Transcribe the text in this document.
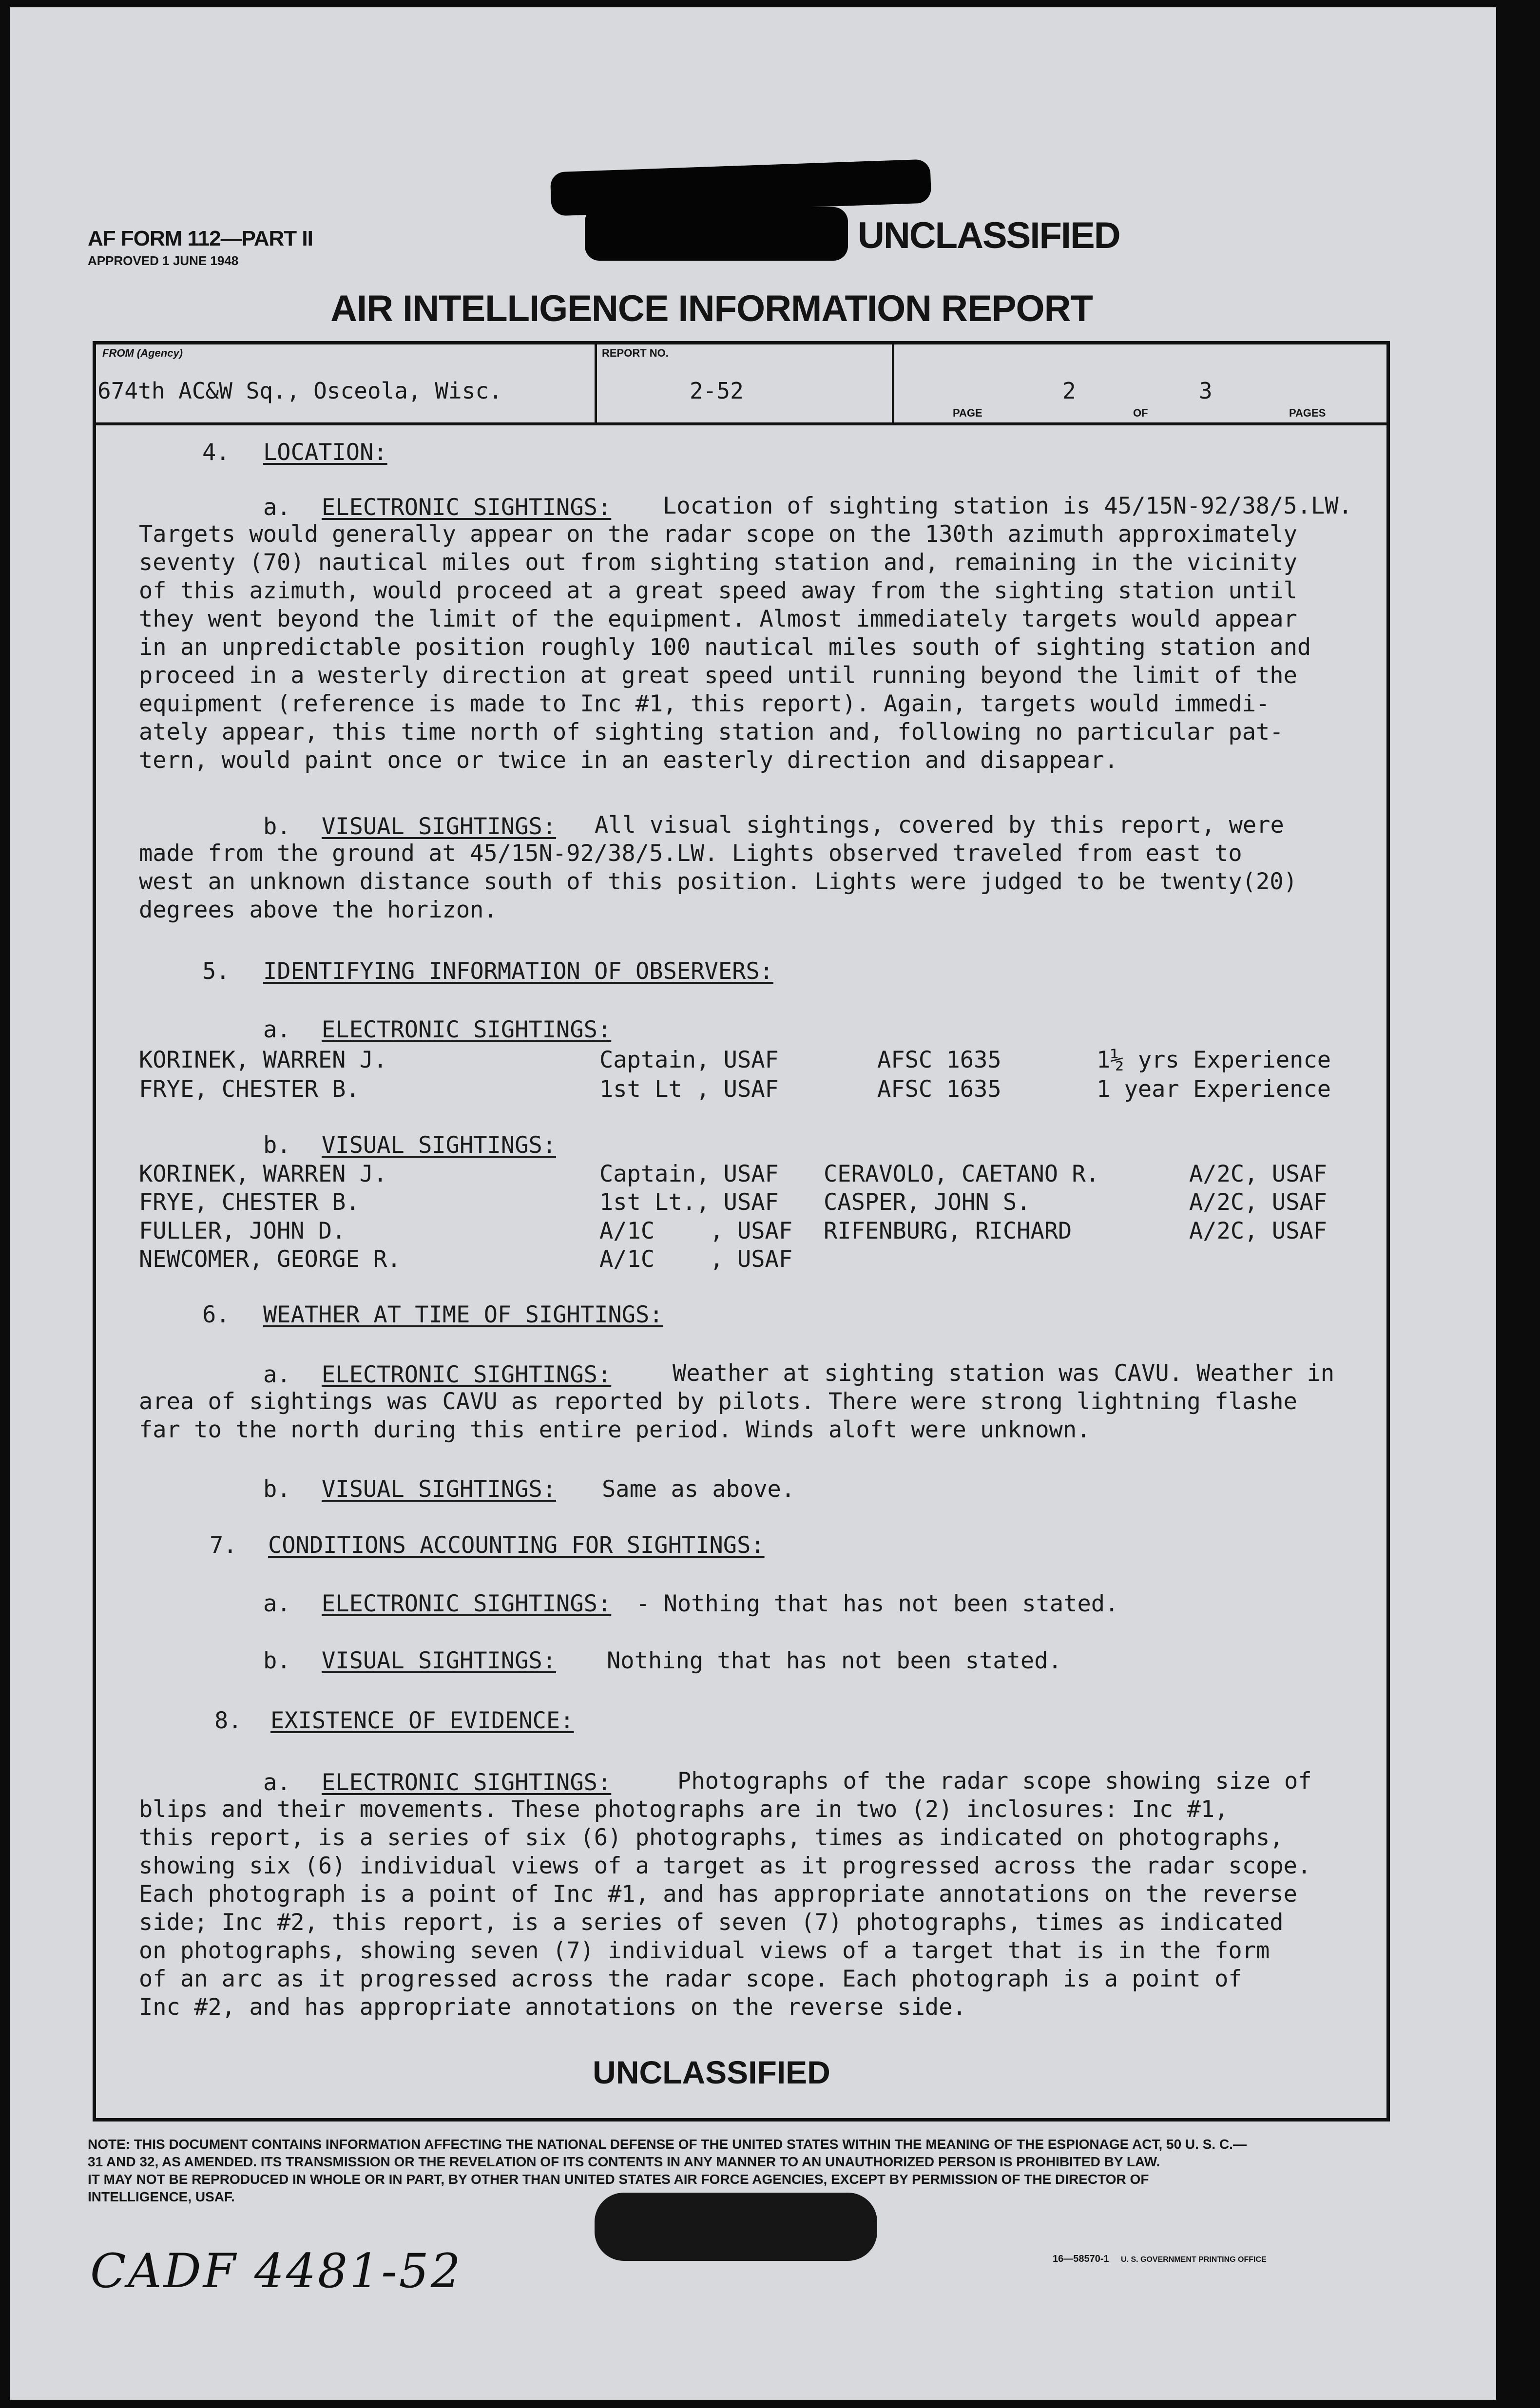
AF FORM 112—PART II
APPROVED 1 JUNE 1948
UNCLASSIFIED
AIR INTELLIGENCE INFORMATION REPORT
FROM (Agency)
674th AC&W Sq., Osceola, Wisc.
REPORT NO.
2-52
PAGE
2
OF
3
PAGES
4. LOCATION:
a. ELECTRONIC SIGHTINGS:	Location of sighting station is 45/15N-92/38/5.LW.
Targets would generally appear on the radar scope on the 130th azimuth approximately
seventy (70) nautical miles out from sighting station and, remaining in the vicinity
of this azimuth, would proceed at a great speed away from the sighting station until
they went beyond the limit of the equipment. Almost immediately targets would appear
in an unpredictable position roughly 100 nautical miles south of sighting station and
proceed in a westerly direction at great speed until running beyond the limit of the
equipment (reference is made to Inc #1, this report). Again, targets would immedi-
ately appear, this time north of sighting station and, following no particular pat-
tern, would paint once or twice in an easterly direction and disappear.
b. VISUAL SIGHTINGS:	All visual sightings, covered by this report, were
made from the ground at 45/15N-92/38/5.LW. Lights observed traveled from east to
west an unknown distance south of this position. Lights were judged to be twenty(20)
degrees above the horizon.
5. IDENTIFYING INFORMATION OF OBSERVERS:
a. ELECTRONIC SIGHTINGS:
KORINEK, WARREN J.	Captain, USAF	AFSC 1635	1½ yrs Experience
FRYE, CHESTER B.	1st Lt , USAF	AFSC 1635	1 year Experience
b. VISUAL SIGHTINGS:
KORINEK, WARREN J.	Captain, USAF CERAVOLO, CAETANO R.	A/2C, USAF
FRYE, CHESTER B.	1st Lt., USAF CASPER, JOHN S.	A/2C, USAF
FULLER, JOHN D.	A/1C    , USAF RIFENBURG, RICHARD	A/2C, USAF
NEWCOMER, GEORGE R.	A/1C    , USAF
6. WEATHER AT TIME OF SIGHTINGS:
a. ELECTRONIC SIGHTINGS:	Weather at sighting station was CAVU. Weather in
area of sightings was CAVU as reported by pilots. There were strong lightning flashe
far to the north during this entire period. Winds aloft were unknown.
b. VISUAL SIGHTINGS: Same as above.
7. CONDITIONS ACCOUNTING FOR SIGHTINGS:
a. ELECTRONIC SIGHTINGS: - Nothing that has not been stated.
b. VISUAL SIGHTINGS: Nothing that has not been stated.
8. EXISTENCE OF EVIDENCE:
a. ELECTRONIC SIGHTINGS:	Photographs of the radar scope showing size of
blips and their movements. These photographs are in two (2) inclosures: Inc #1,
this report, is a series of six (6) photographs, times as indicated on photographs,
showing six (6) individual views of a target as it progressed across the radar scope.
Each photograph is a point of Inc #1, and has appropriate annotations on the reverse
side; Inc #2, this report, is a series of seven (7) photographs, times as indicated
on photographs, showing seven (7) individual views of a target that is in the form
of an arc as it progressed across the radar scope. Each photograph is a point of
Inc #2, and has appropriate annotations on the reverse side.
UNCLASSIFIED
NOTE: THIS DOCUMENT CONTAINS INFORMATION AFFECTING THE NATIONAL DEFENSE OF THE UNITED STATES WITHIN THE MEANING OF THE ESPIONAGE ACT, 50 U. S. C.—
31 AND 32, AS AMENDED. ITS TRANSMISSION OR THE REVELATION OF ITS CONTENTS IN ANY MANNER TO AN UNAUTHORIZED PERSON IS PROHIBITED BY LAW.
IT MAY NOT BE REPRODUCED IN WHOLE OR IN PART, BY OTHER THAN UNITED STATES AIR FORCE AGENCIES, EXCEPT BY PERMISSION OF THE DIRECTOR OF
INTELLIGENCE, USAF.
CADF 4481-52	16—58570-1 U. S. GOVERNMENT PRINTING OFFICE
